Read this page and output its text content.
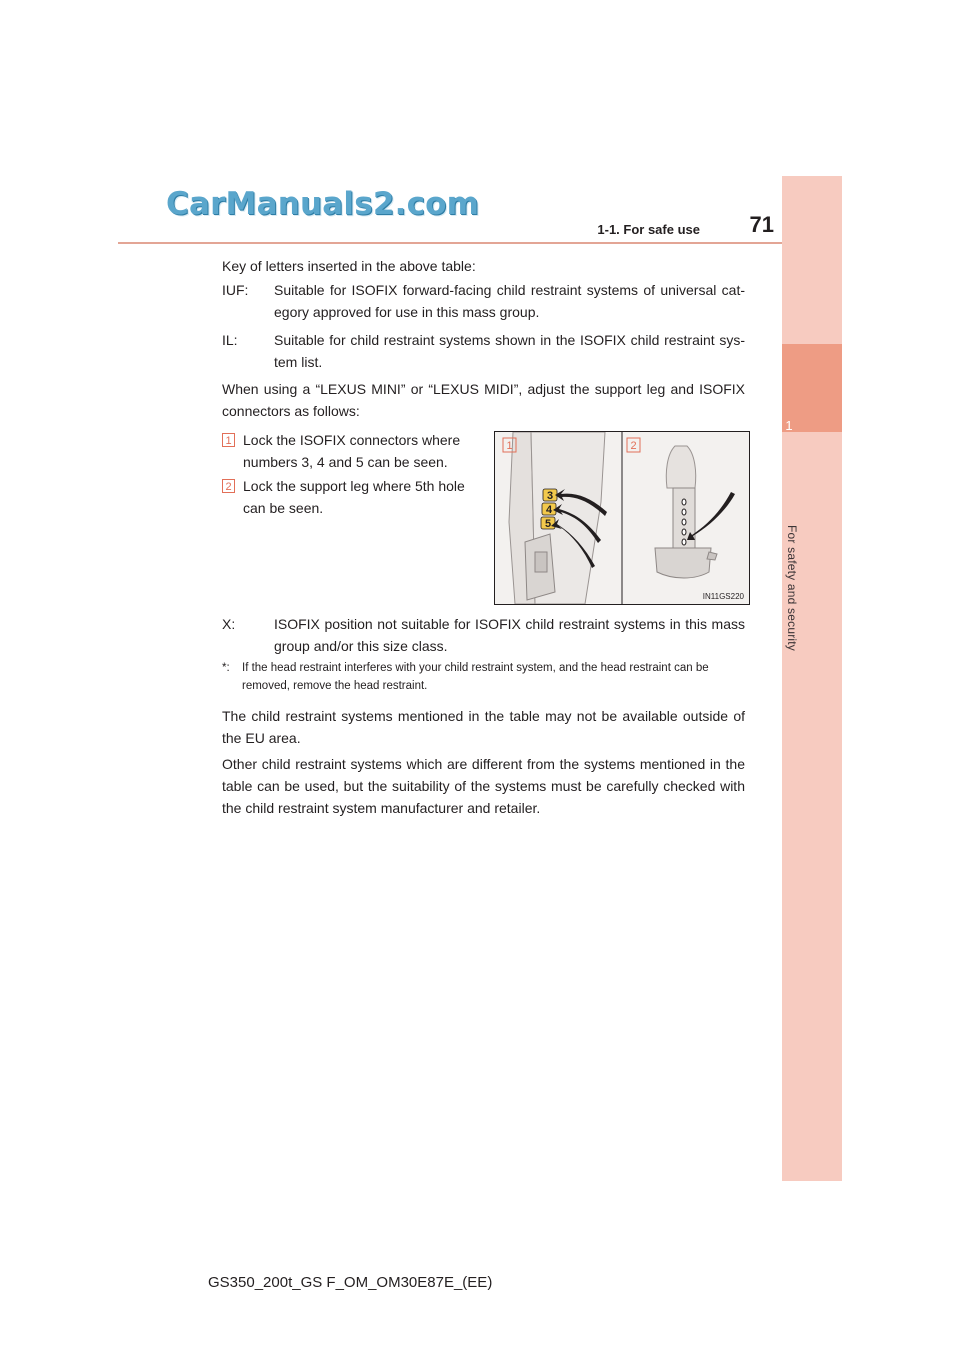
CarManuals2.com
1-1. For safe use	71
1
For safety and security
Key of letters inserted in the above table:
IUF: Suitable for ISOFIX forward-facing child restraint systems of universal cat-egory approved for use in this mass group.
IL:	Suitable for child restraint systems shown in the ISOFIX child restraint sys-tem list.
When using a “LEXUS MINI” or “LEXUS MIDI”, adjust the support leg and ISOFIX connectors as follows:
1 Lock the ISOFIX connectors where numbers 3, 4 and 5 can be seen.
2 Lock the support leg where 5th hole can be seen.
X:	ISOFIX position not suitable for ISOFIX child restraint systems in this mass group and/or this size class.
*: If the head restraint interferes with your child restraint system, and the head restraint can be removed, remove the head restraint.
The child restraint systems mentioned in the table may not be available outside of the EU area.
Other child restraint systems which are different from the systems mentioned in the table can be used, but the suitability of the systems must be carefully checked with the child restraint system manufacturer and retailer.
3
4
5
1	2
IN11GS220
GS350_200t_GS F_OM_OM30E87E_(EE)
